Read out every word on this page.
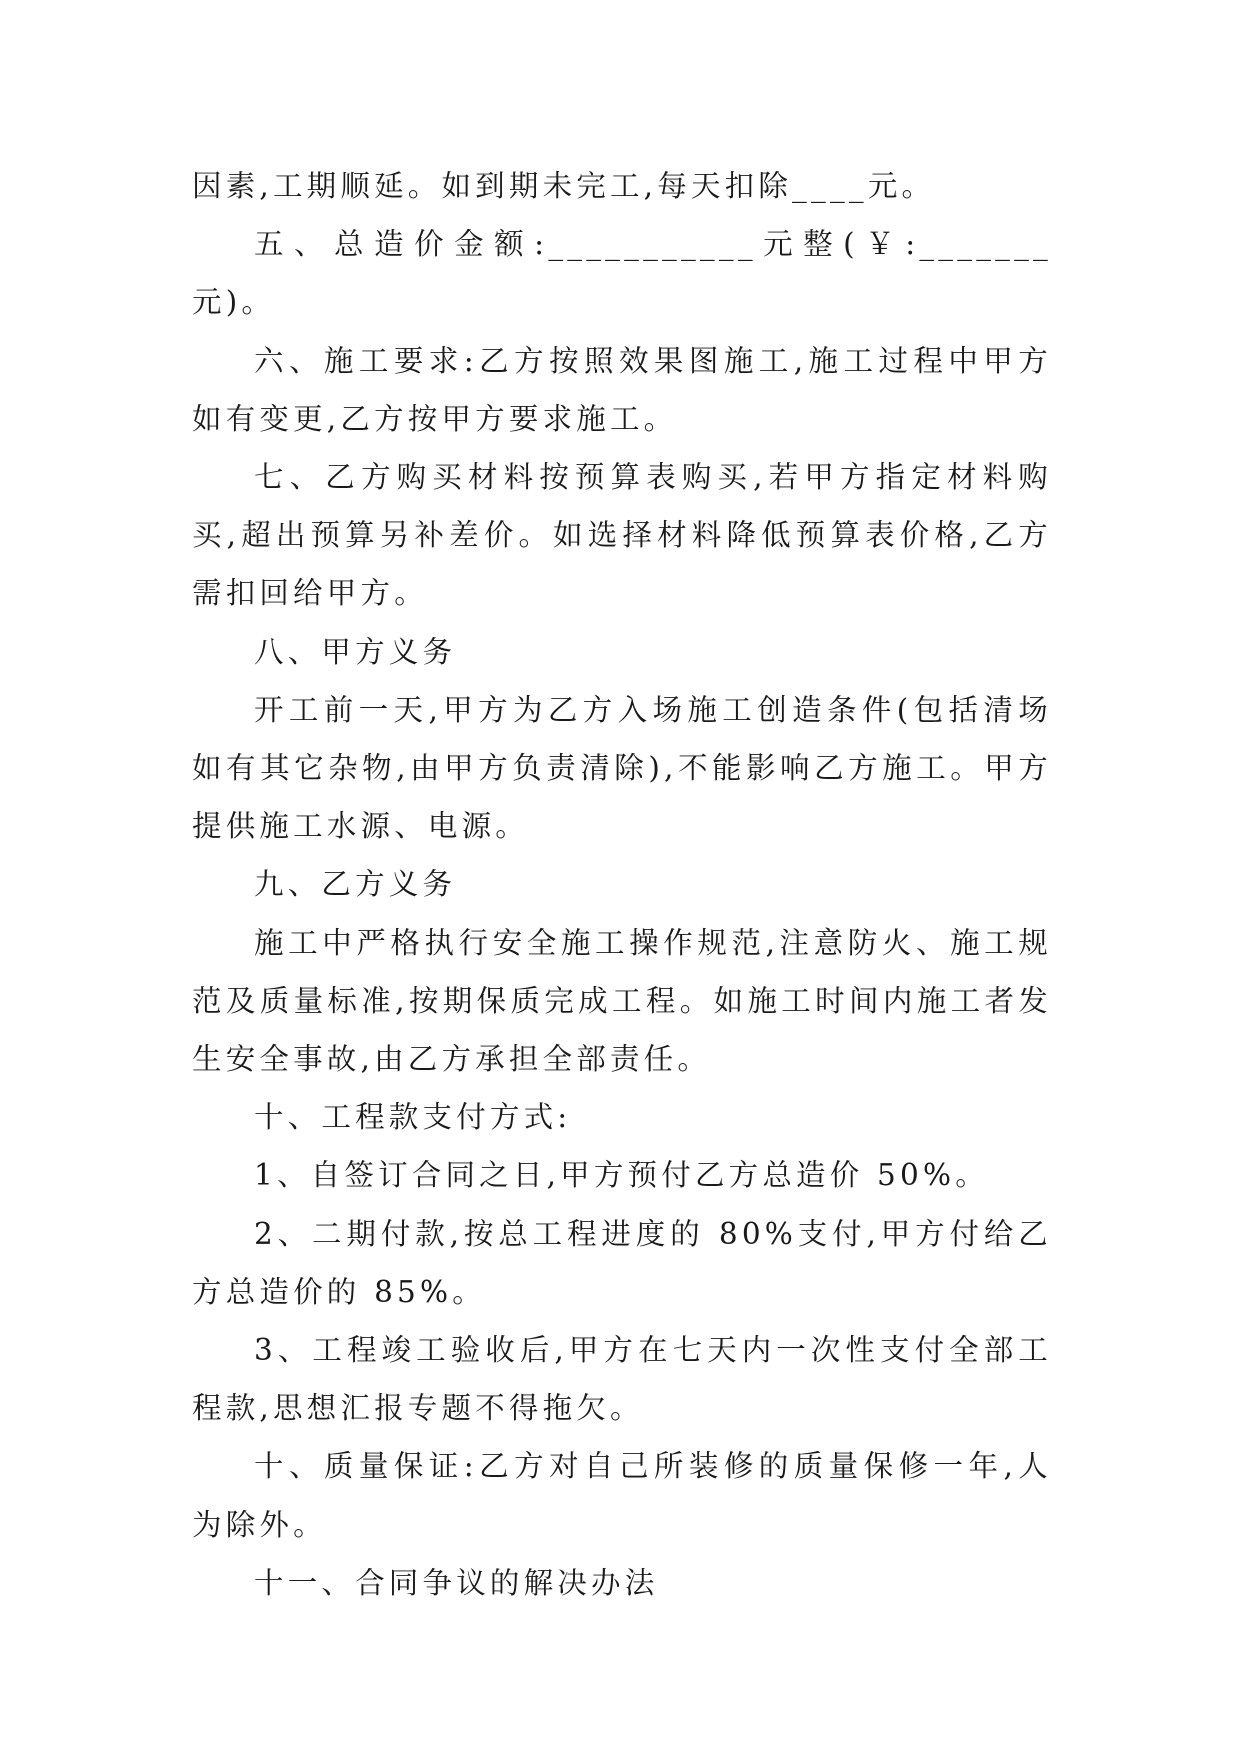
因素,工期顺延。如到期未完工,每天扣除____元。

五、总造价金额:___________元整(￥:_______元)。

六、施工要求:乙方按照效果图施工,施工过程中甲方如有变更,乙方按甲方要求施工。

七、乙方购买材料按预算表购买,若甲方指定材料购买,超出预算另补差价。如选择材料降低预算表价格,乙方需扣回给甲方。

八、甲方义务

开工前一天,甲方为乙方入场施工创造条件(包括清场如有其它杂物,由甲方负责清除),不能影响乙方施工。甲方提供施工水源、电源。

九、乙方义务

施工中严格执行安全施工操作规范,注意防火、施工规范及质量标准,按期保质完成工程。如施工时间内施工者发生安全事故,由乙方承担全部责任。

十、工程款支付方式:

1、自签订合同之日,甲方预付乙方总造价 50%。

2、二期付款,按总工程进度的 80%支付,甲方付给乙方总造价的 85%。

3、工程竣工验收后,甲方在七天内一次性支付全部工程款,思想汇报专题不得拖欠。

十、质量保证:乙方对自己所装修的质量保修一年,人为除外。

十一、合同争议的解决办法
